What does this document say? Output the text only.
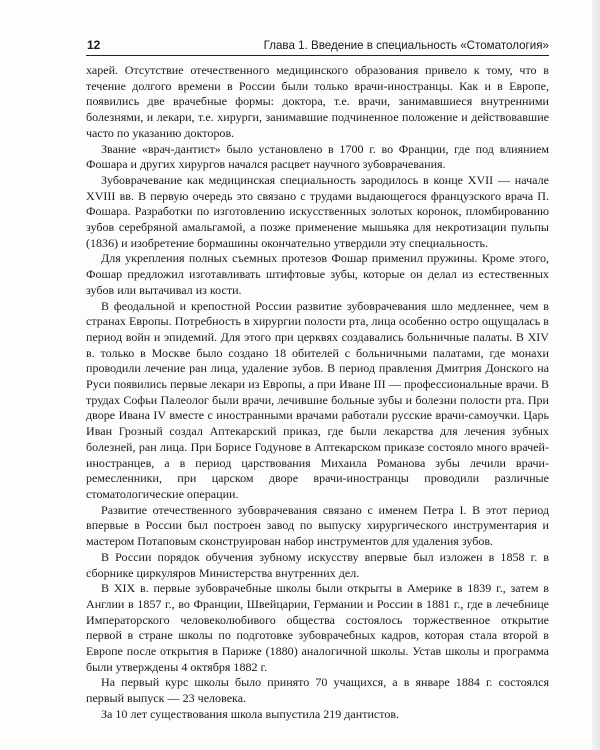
12	Глава 1. Введение в специальность «Стоматология»

харей. Отсутствие отечественного медицинского образования привело к тому, что в течение долгого времени в России были только врачи-иностранцы. Как и в Европе, появились две врачебные формы: доктора, т.е. врачи, занимавшиеся внутренними болезнями, и лекари, т.е. хирурги, занимавшие подчиненное положение и действовавшие часто по указанию докторов.

Звание «врач-дантист» было установлено в 1700 г. во Франции, где под влиянием Фошара и других хирургов начался расцвет научного зубоврачевания.

Зубоврачевание как медицинская специальность зародилось в конце XVII — начале XVIII вв. В первую очередь это связано с трудами выдающегося французского врача П. Фошара. Разработки по изготовлению искусственных золотых коронок, пломбированию зубов серебряной амальгамой, а позже применение мышьяка для некротизации пульпы (1836) и изобретение бормашины окончательно утвердили эту специальность.

Для укрепления полных съемных протезов Фошар применил пружины. Кроме этого, Фошар предложил изготавливать штифтовые зубы, которые он делал из естественных зубов или вытачивал из кости.

В феодальной и крепостной России развитие зубоврачевания шло медленнее, чем в странах Европы. Потребность в хирургии полости рта, лица особенно остро ощущалась в период войн и эпидемий. Для этого при церквях создавались больничные палаты. В XIV в. только в Москве было создано 18 обителей с больничными палатами, где монахи проводили лечение ран лица, удаление зубов. В период правления Дмитрия Донского на Руси появились первые лекари из Европы, а при Иване III — профессиональные врачи. В трудах Софьи Палеолог были врачи, лечившие больные зубы и болезни полости рта. При дворе Ивана IV вместе с иностранными врачами работали русские врачи-самоучки. Царь Иван Грозный создал Аптекарский приказ, где были лекарства для лечения зубных болезней, ран лица. При Борисе Годунове в Аптекарском приказе состояло много врачей-иностранцев, а в период царствования Михаила Романова зубы лечили врачи-ремесленники, при царском дворе врачи-иностранцы проводили различные стоматологические операции.

Развитие отечественного зубоврачевания связано с именем Петра I. В этот период впервые в России был построен завод по выпуску хирургического инструментария и мастером Потаповым сконструирован набор инструментов для удаления зубов.

В России порядок обучения зубному искусству впервые был изложен в 1858 г. в сборнике циркуляров Министерства внутренних дел.

В XIX в. первые зубоврачебные школы были открыты в Америке в 1839 г., затем в Англии в 1857 г., во Франции, Швейцарии, Германии и России в 1881 г., где в лечебнице Императорского человеколюбивого общества состоялось торжественное открытие первой в стране школы по подготовке зубоврачебных кадров, которая стала второй в Европе после открытия в Париже (1880) аналогичной школы. Устав школы и программа были утверждены 4 октября 1882 г.

На первый курс школы было принято 70 учащихся, а в январе 1884 г. состоялся первый выпуск — 23 человека.

За 10 лет существования школа выпустила 219 дантистов.
